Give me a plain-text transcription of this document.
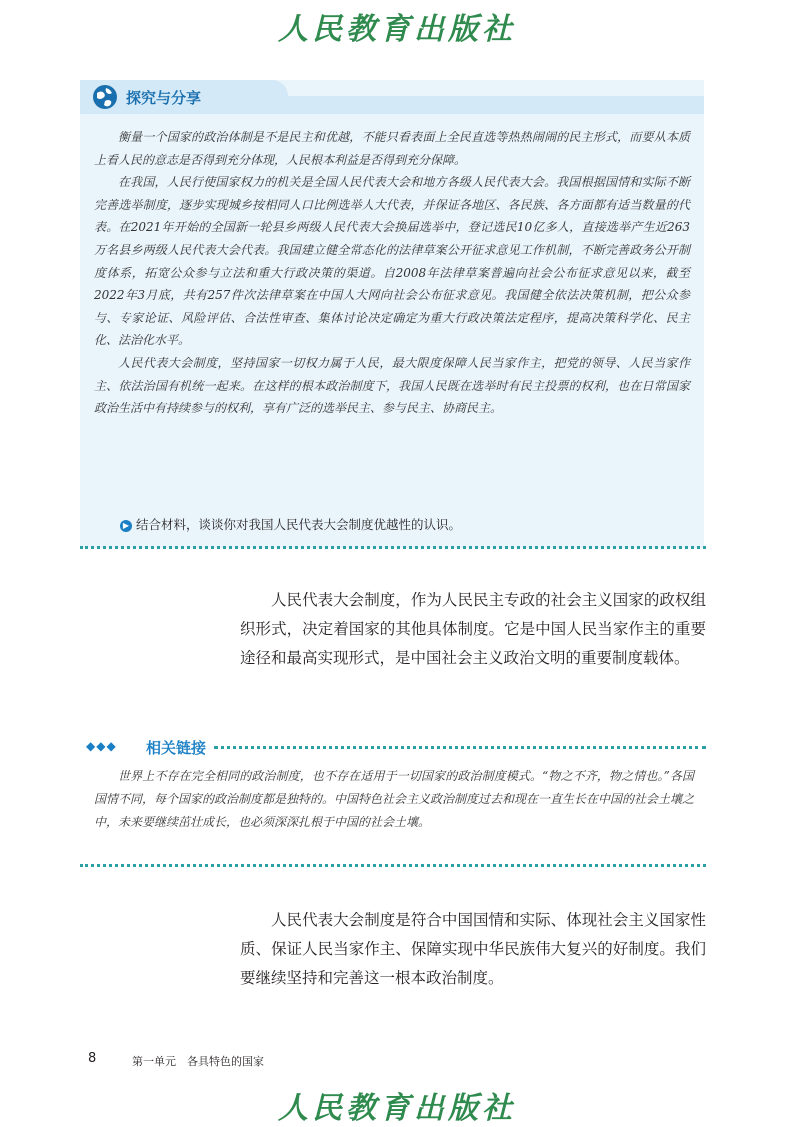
人民教育出版社
探究与分享

衡量一个国家的政治体制是不是民主和优越，不能只看表面上全民直选等热热闹闹的民主形式，而要从本质上看人民的意志是否得到充分体现，人民根本利益是否得到充分保障。

在我国，人民行使国家权力的机关是全国人民代表大会和地方各级人民代表大会。我国根据国情和实际不断完善选举制度，逐步实现城乡按相同人口比例选举人大代表，并保证各地区、各民族、各方面都有适当数量的代表。在2021年开始的全国新一轮县乡两级人民代表大会换届选举中，登记选民10亿多人，直接选举产生近263万名县乡两级人民代表大会代表。我国建立健全常态化的法律草案公开征求意见工作机制，不断完善政务公开制度体系，拓宽公众参与立法和重大行政决策的渠道。自2008年法律草案普遍向社会公布征求意见以来，截至2022年3月底，共有257件次法律草案在中国人大网向社会公布征求意见。我国健全依法决策机制，把公众参与、专家论证、风险评估、合法性审查、集体讨论决定确定为重大行政决策法定程序，提高决策科学化、民主化、法治化水平。

人民代表大会制度，坚持国家一切权力属于人民，最大限度保障人民当家作主，把党的领导、人民当家作主、依法治国有机统一起来。在这样的根本政治制度下，我国人民既在选举时有民主投票的权利，也在日常国家政治生活中有持续参与的权利，享有广泛的选举民主、参与民主、协商民主。

▶ 结合材料，谈谈你对我国人民代表大会制度优越性的认识。

人民代表大会制度，作为人民民主专政的社会主义国家的政权组织形式，决定着国家的其他具体制度。它是中国人民当家作主的重要途径和最高实现形式，是中国社会主义政治文明的重要制度载体。

◆◆◆ 相关链接

世界上不存在完全相同的政治制度，也不存在适用于一切国家的政治制度模式。“物之不齐，物之情也。”各国国情不同，每个国家的政治制度都是独特的。中国特色社会主义政治制度过去和现在一直生长在中国的社会土壤之中，未来要继续茁壮成长，也必须深深扎根于中国的社会土壤。

人民代表大会制度是符合中国国情和实际、体现社会主义国家性质、保证人民当家作主、保障实现中华民族伟大复兴的好制度。我们要继续坚持和完善这一根本政治制度。

8	第一单元　各具特色的国家
人民教育出版社
